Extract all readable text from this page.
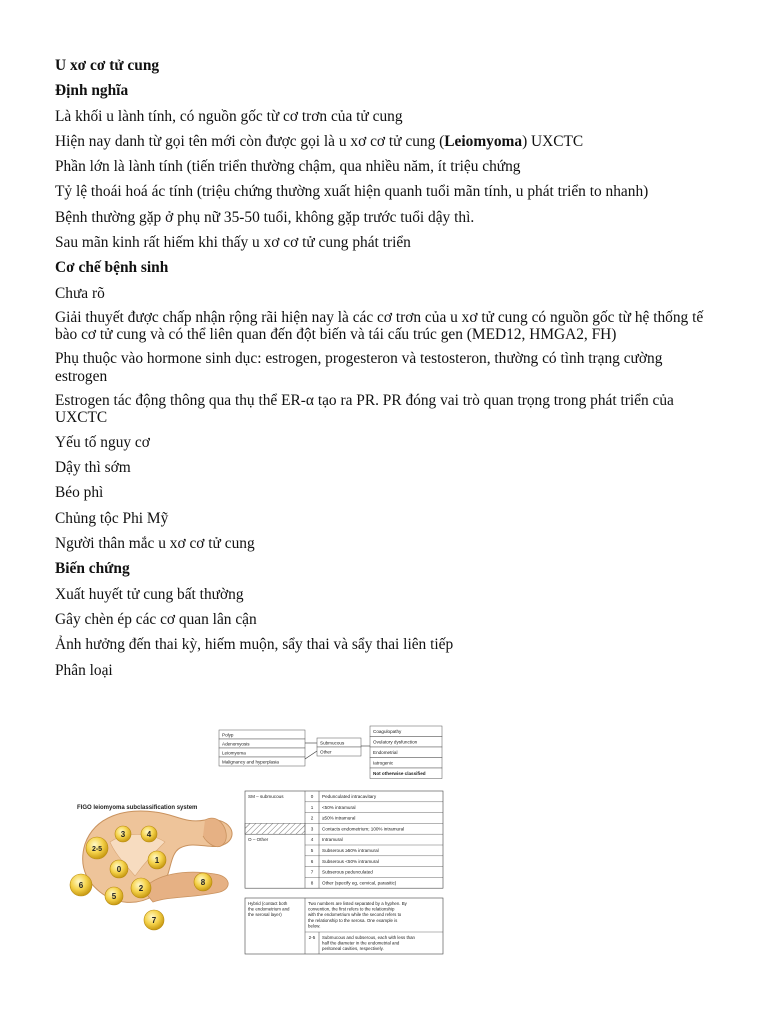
U xơ cơ tử cung

Định nghĩa

Là khối u lành tính, có nguồn gốc từ cơ trơn của tử cung

Hiện nay danh từ gọi tên mới còn được gọi là u xơ cơ tử cung (Leiomyoma) UXCTC

Phần lớn là lành tính (tiến triển thường chậm, qua nhiều năm, ít triệu chứng

Tỷ lệ thoái hoá ác tính (triệu chứng thường xuất hiện quanh tuổi mãn tính, u phát triển to nhanh)

Bệnh thường gặp ở phụ nữ 35-50 tuổi, không gặp trước tuổi dậy thì.

Sau mãn kinh rất hiếm khi thấy u xơ cơ tử cung phát triển

Cơ chế bệnh sinh

Chưa rõ

Giải thuyết được chấp nhận rộng rãi hiện nay là các cơ trơn của u xơ tử cung có nguồn gốc từ hệ thống tế bào cơ tử cung và có thể liên quan đến đột biến và tái cấu trúc gen (MED12, HMGA2, FH)

Phụ thuộc vào hormone sinh dục: estrogen, progesteron và testosteron, thường có tình trạng cường estrogen

Estrogen tác động thông qua thụ thể ER-α tạo ra PR. PR đóng vai trò quan trọng trong phát triển của UXCTC

Yếu tố nguy cơ

Dậy thì sớm

Béo phì

Chủng tộc Phi Mỹ

Người thân mắc u xơ cơ tử cung

Biến chứng

Xuất huyết tử cung bất thường

Gây chèn ép các cơ quan lân cận

Ảnh hưởng đến thai kỳ, hiếm muộn, sẩy thai và sẩy thai liên tiếp

Phân loại

Polyp
Adenomyosis
Leiomyoma
Malignancy and hyperplasia
Submucous
Other
Coagulopathy
Ovulatory dysfunction
Endometrial
Iatrogenic
Not otherwise classified
FIGO leiomyoma subclassification system
3	4
2-5
0
1
6
5
2
8
7
SM – submucous
O – Other
0 Pedunculated intracavitary
1 <50% intramural
2 ≥50% intramural
3 Contacts endometrium; 100% intramural
4 Intramural
5 Subserous ≥50% intramural
6 Subserous <50% intramural
7 Subserous pedunculated
8 Other (specify eg, cervical, parasitic)
Hybrid (contact both the endometrium and the serosal layer)
Two numbers are listed separated by a hyphen. By convention, the first refers to the relationship with the endometrium while the second refers to the relationship to the serosa. One example is below.
2-5 Submucous and subserous, each with less than half the diameter in the endometrial and peritoneal cavities, respectively.
